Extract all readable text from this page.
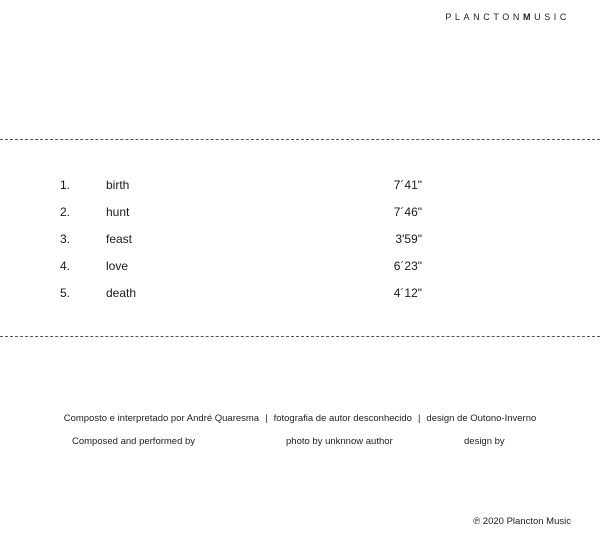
PLANCTONMUSIC
1.	birth	7´41"
2.	hunt	7´46"
3.	feast	3'59"
4.	love	6´23"
5.	death	4´12"
Composto e interpretado por André Quaresma | fotografia de autor desconhecido | design de Outono-Inverno
Composed and performed by	photo by unknnow author	design by
℗ 2020 Plancton Music
